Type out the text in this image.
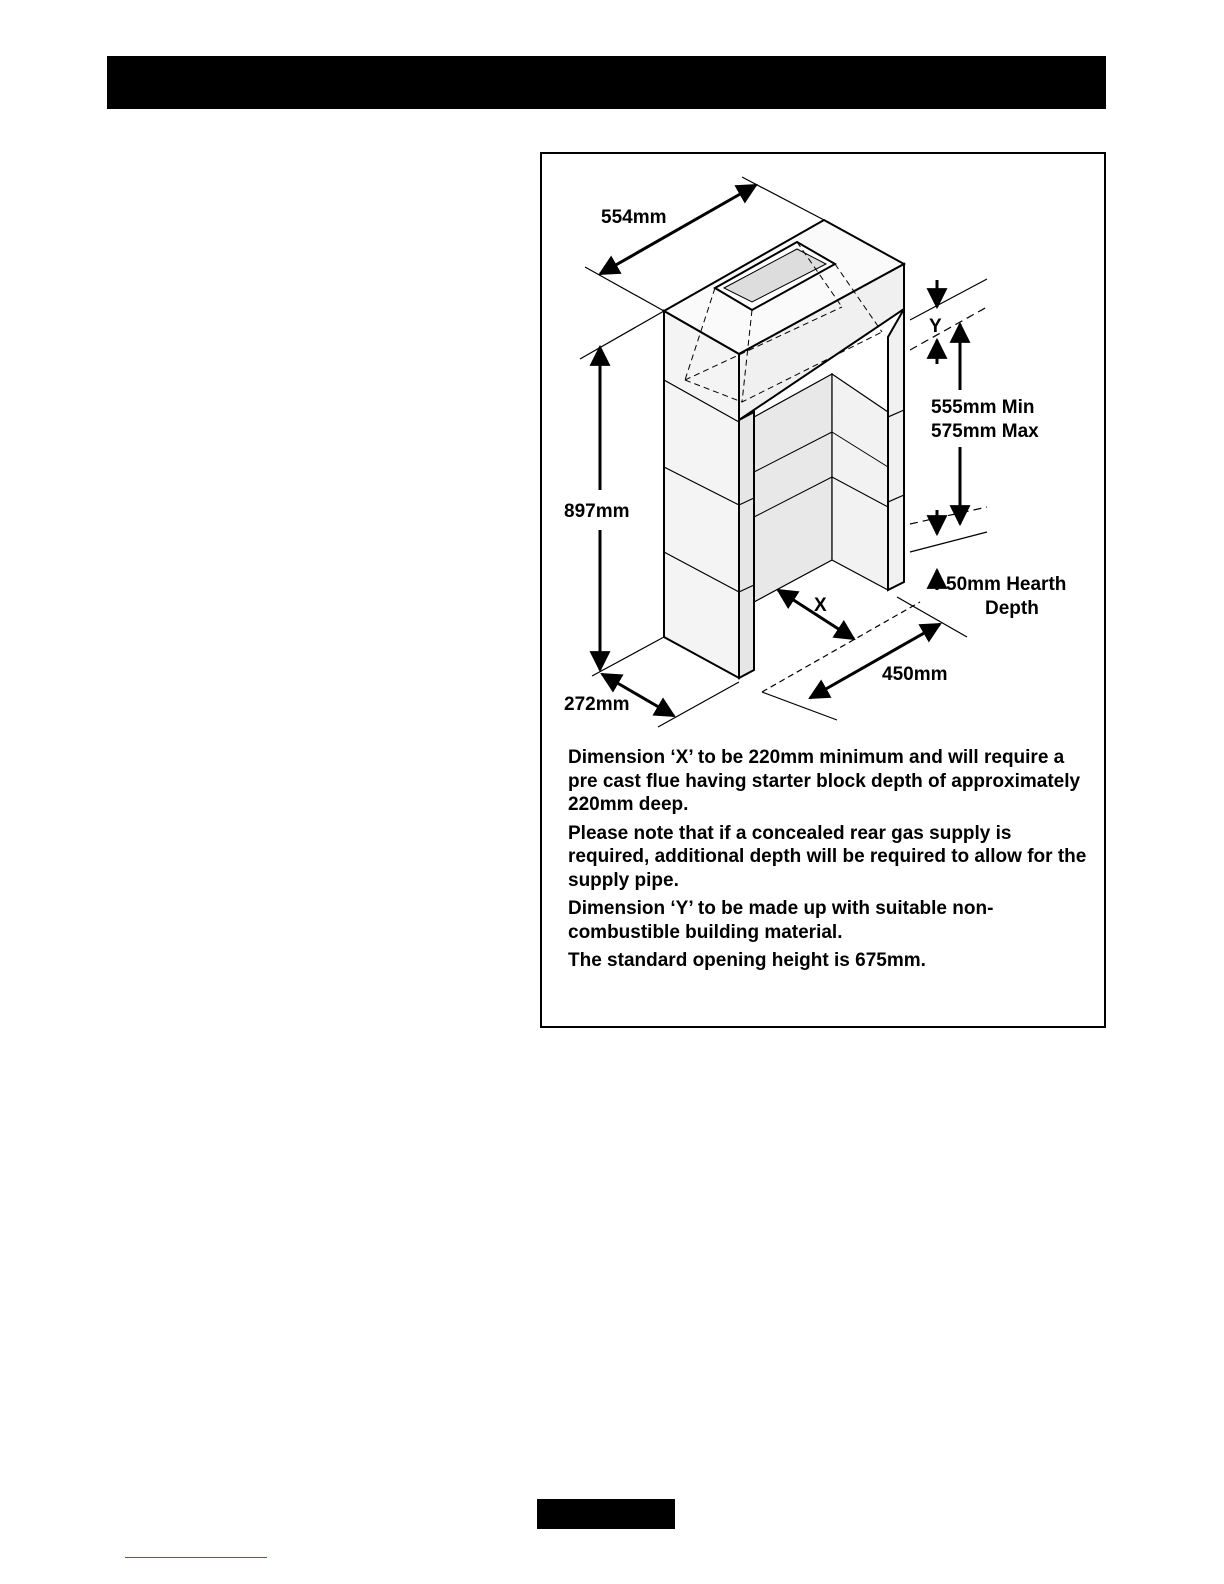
554mm
897mm
272mm
Y
X
555mm Min
575mm Max
50mm Hearth
Depth
450mm

Dimension ‘X’ to be 220mm minimum and will require a pre cast flue having starter block depth of approximately 220mm deep.

Please note that if a concealed rear gas supply is required, additional depth will be required to allow for the supply pipe.

Dimension ‘Y’ to be made up with suitable non-combustible building material.

The standard opening height is 675mm.
